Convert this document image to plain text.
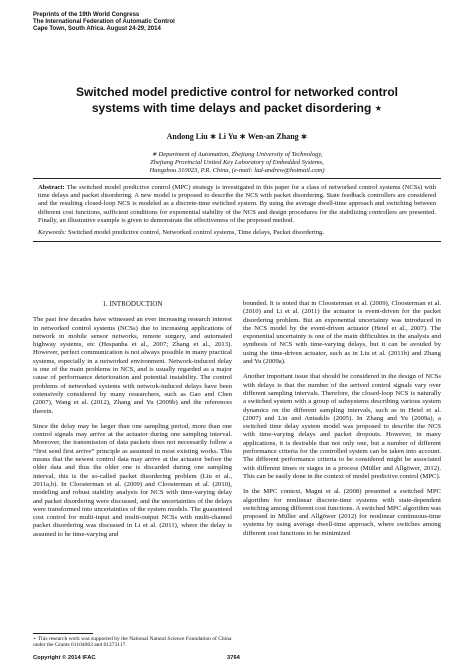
Preprints of the 19th World Congress
The International Federation of Automatic Control
Cape Town, South Africa. August 24-29, 2014
Switched model predictive control for networked control systems with time delays and packet disordering ⋆
Andong Liu ∗ Li Yu ∗ Wen-an Zhang ∗
∗ Department of Automation, Zhejiang University of Technology,
Zhejiang Provincial United Key Laboratory of Embedded Systems,
Hangzhou 310023, P.R. China, (e-mail: lad-andrew@hotmail.com)
Abstract: The switched model predictive control (MPC) strategy is investigated in this paper for a class of networked control systems (NCSs) with time delays and packet disordering. A new model is proposed to describe the NCS with packet disordering. State feedback controllers are considered and the resulting closed-loop NCS is modeled as a discrete-time switched system. By using the average dwell-time approach and switching between different cost functions, sufficient conditions for exponential stability of the NCS and design procedures for the stabilizing controllers are presented. Finally, an illustrative example is given to demonstrate the effectiveness of the proposed method.
Keywords: Switched model predictive control, Networked control systems, Time delays, Packet disordering.
1. INTRODUCTION

The past few decades have witnessed an ever increasing research interest in networked control systems (NCSs) due to increasing applications of network in mobile sensor networks, remote surgery, and automated highway systems, etc (Hespanha et al., 2007; Zhang et al., 2013). However, perfect communication is not always possible in many practical systems, especially in a networked environment. Network-induced delay is one of the main problems in NCS, and is usually regarded as a major cause of performance deterioration and potential instability. The control problems of networked systems with network-induced delays have been extensively considered by many researchers, such as Gao and Chen (2007), Wang et al. (2012), Zhang and Yu (2009b) and the references therein.

Since the delay may be larger than one sampling period, more than one control signals may arrive at the actuator during one sampling interval. Moreover, the transmission of data packets does not necessarily follow a “first send first arrive” principle as assumed in most existing works. This means that the newest control data may arrive at the actuator before the older data and thus the older one is discarded during one sampling interval, this is the so-called packet disordering problem (Liu et al., 2011a,b). In Cloosterman et al. (2009) and Cloosterman et al. (2010), modeling and robust stability analysis for NCS with time-varying delay and packet disordering were discussed, and the uncertainties of the delays were transformed into uncertainties of the system models. The guaranteed cost control for multi-input and multi-output NCSs with multi-channel packet disordering was discussed in Li et al. (2011), where the delay is assumed to be time-varying and

bounded. It is noted that in Cloosterman et al. (2009), Cloosterman et al. (2010) and Li et al. (2011) the actuator is event-driven for the packet disordering problem. But an exponential uncertainty was introduced in the NCS model by the event-driven actuator (Hetel et al., 2007). The exponential uncertainty is one of the main difficulties in the analysis and synthesis of NCS with time-varying delays, but it can be avoided by using the time-driven actuator, such as in Liu et al. (2011b) and Zhang and Yu (2009a).

Another important issue that should be considered in the design of NCSs with delays is that the number of the arrived control signals vary over different sampling intervals. Therefore, the closed-loop NCS is naturally a switched system with a group of subsystems describing various system dynamics on the different sampling intervals, such as in Hetel et al. (2007) and Lin and Antsaklis (2005). In Zhang and Yu (2009a), a switched time delay system model was proposed to describe the NCS with time-varying delays and packet dropouts. However, in many applications, it is desirable that not only one, but a number of different performance criteria for the controlled system can be taken into account. The different performance criteria to be considered might be associated with different times or stages in a process (Müller and Allgöwer, 2012). This can be easily done in the context of model predictive control (MPC).

In the MPC context, Magni et al. (2008) presented a switched MPC algorithm for nonlinear discrete-time systems with state-dependent switching among different cost functions. A switched MPC algorithm was proposed in Müller and Allgöwer (2012) for nonlinear continuous-time systems by using average dwell-time approach, where switches among different cost functions to be minimized

⋆ This research work was supported by the National Natural Science Foundation of China under the Grants 61104063 and 61273117.
Copyright © 2014 IFAC	3764
